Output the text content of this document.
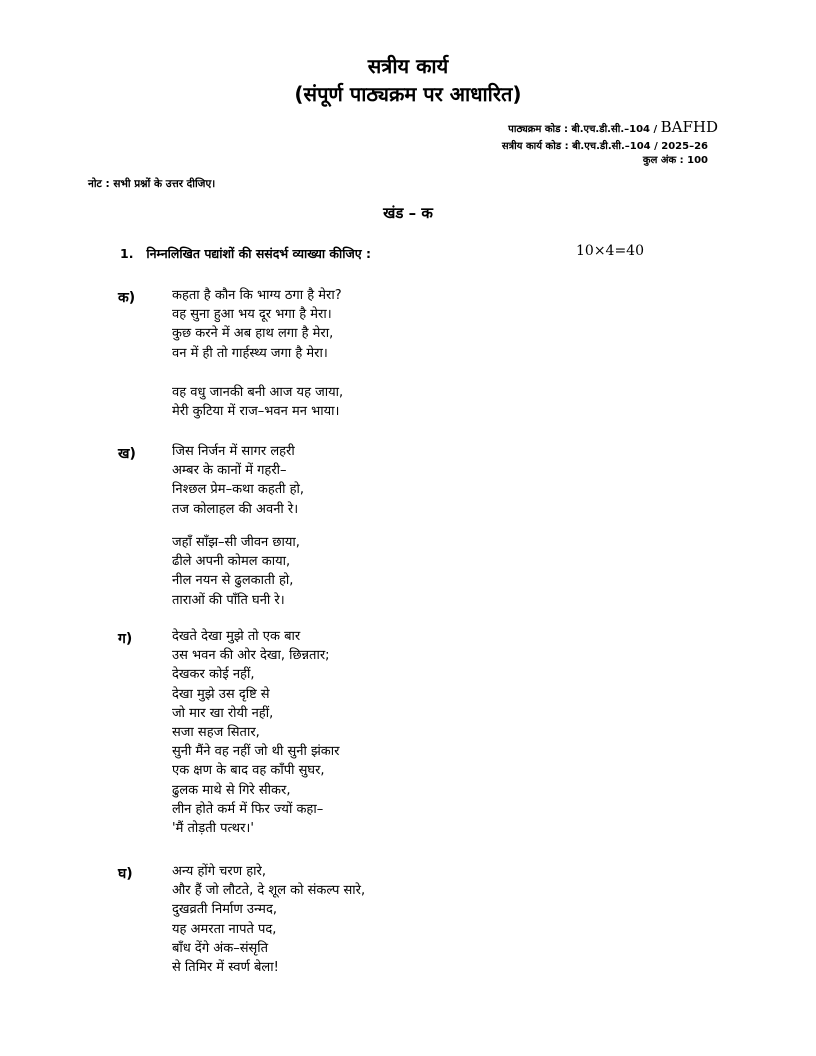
सत्रीय कार्य
(संपूर्ण पाठ्यक्रम पर आधारित)
पाठ्यक्रम कोड : बी.एच.डी.सी.–104 / BAFHD
सत्रीय कार्य कोड : बी.एच.डी.सी.–104 / 2025–26
कुल अंक : 100
नोट : सभी प्रश्नों के उत्तर दीजिए।
खंड – क
1. निम्नलिखित पद्यांशों की ससंदर्भ व्याख्या कीजिए :	10×4=40
क)	कहता है कौन कि भाग्य ठगा है मेरा?
वह सुना हुआ भय दूर भगा है मेरा।
कुछ करने में अब हाथ लगा है मेरा,
वन में ही तो गार्हस्थ्य जगा है मेरा।
वह वधु जानकी बनी आज यह जाया,
मेरी कुटिया में राज–भवन मन भाया।
ख)	जिस निर्जन में सागर लहरी
अम्बर के कानों में गहरी–
निश्छल प्रेम–कथा कहती हो,
तज कोलाहल की अवनी रे।
जहाँ साँझ–सी जीवन छाया,
ढीले अपनी कोमल काया,
नील नयन से ढुलकाती हो,
ताराओं की पाँति घनी रे।
ग)	देखते देखा मुझे तो एक बार
उस भवन की ओर देखा, छिन्नतार;
देखकर कोई नहीं,
देखा मुझे उस दृष्टि से
जो मार खा रोयी नहीं,
सजा सहज सितार,
सुनी मैंने वह नहीं जो थी सुनी झंकार
एक क्षण के बाद वह काँपी सुघर,
ढुलक माथे से गिरे सीकर,
लीन होते कर्म में फिर ज्यों कहा–
'मैं तोड़ती पत्थर।'
घ)	अन्य होंगे चरण हारे,
और हैं जो लौटते, दे शूल को संकल्प सारे,
दुखव्रती निर्माण उन्मद,
यह अमरता नापते पद,
बाँध देंगे अंक–संसृति
से तिमिर में स्वर्ण बेला!
